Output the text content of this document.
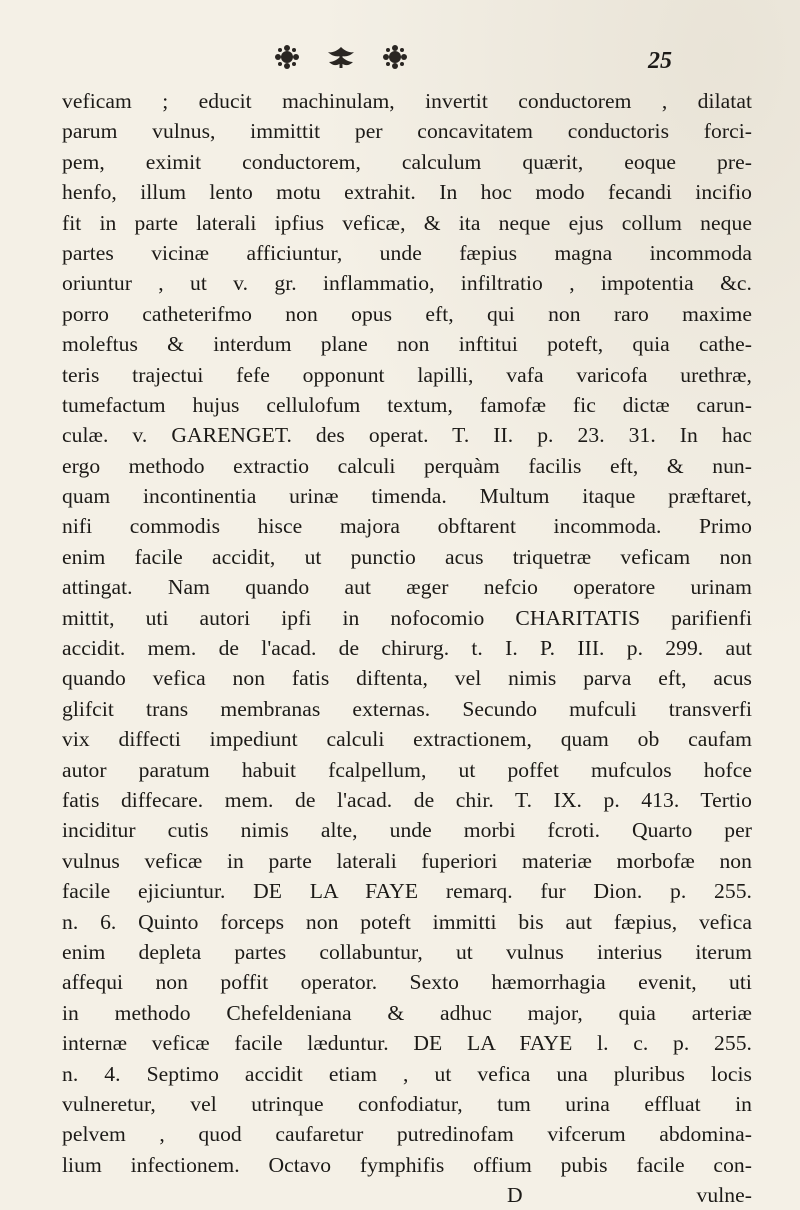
25
veficam ; educit machinulam, invertit conductorem , dilatat
parum vulnus, immittit per concavitatem conductoris forci-
pem, eximit conductorem, calculum quærit, eoque pre-
henfo, illum lento motu extrahit. In hoc modo fecandi incifio
fit in parte laterali ipfius veficæ, & ita neque ejus collum neque
partes vicinæ afficiuntur, unde fæpius magna incommoda
oriuntur , ut v. gr. inflammatio, infiltratio , impotentia &c.
porro catheterifmo non opus eft, qui non raro maxime
moleftus & interdum plane non inftitui poteft, quia cathe-
teris trajectui fefe opponunt lapilli, vafa varicofa urethræ,
tumefactum hujus cellulofum textum, famofæ fic dictæ carun-
culæ. v. GARENGET. des operat. T. II. p. 23. 31. In hac
ergo methodo extractio calculi perquàm facilis eft, & nun-
quam incontinentia urinæ timenda. Multum itaque præftaret,
nifi commodis hisce majora obftarent incommoda. Primo
enim facile accidit, ut punctio acus triquetræ veficam non
attingat. Nam quando aut æger nefcio operatore urinam
mittit, uti autori ipfi in nofocomio CHARITATIS parifienfi
accidit. mem. de l'acad. de chirurg. t. I. P. III. p. 299. aut
quando vefica non fatis diftenta, vel nimis parva eft, acus
glifcit trans membranas externas. Secundo mufculi transverfi
vix diffecti impediunt calculi extractionem, quam ob caufam
autor paratum habuit fcalpellum, ut poffet mufculos hofce
fatis diffecare. mem. de l'acad. de chir. T. IX. p. 413. Tertio
inciditur cutis nimis alte, unde morbi fcroti. Quarto per
vulnus veficæ in parte laterali fuperiori materiæ morbofæ non
facile ejiciuntur. DE LA FAYE remarq. fur Dion. p. 255.
n. 6. Quinto forceps non poteft immitti bis aut fæpius, vefica
enim depleta partes collabuntur, ut vulnus interius iterum
affequi non poffit operator. Sexto hæmorrhagia evenit, uti
in methodo Chefeldeniana & adhuc major, quia arteriæ
internæ veficæ facile læduntur. DE LA FAYE l. c. p. 255.
n. 4. Septimo accidit etiam , ut vefica una pluribus locis
vulneretur, vel utrinque confodiatur, tum urina effluat in
pelvem , quod caufaretur putredinofam vifcerum abdomina-
lium infectionem. Octavo fymphifis offium pubis facile con-
D	vulne-
